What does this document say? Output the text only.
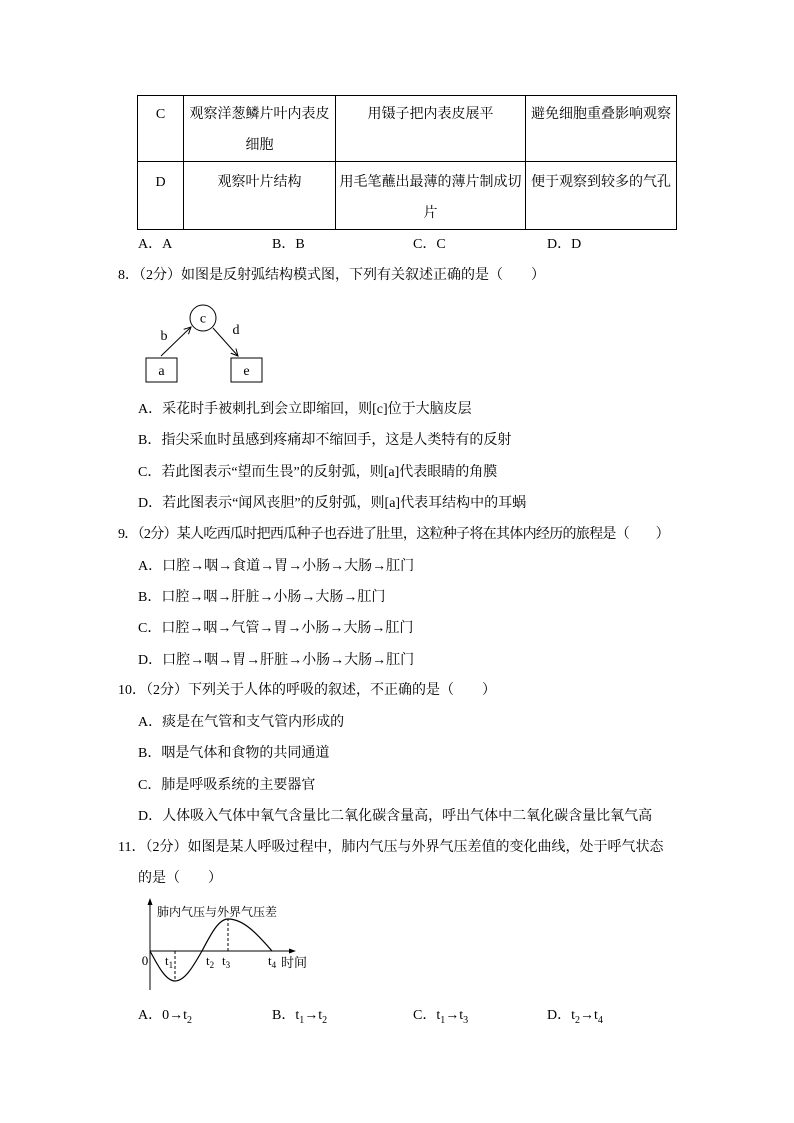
C	观察洋葱鳞片叶内表皮细胞	用镊子把内表皮展平	避免细胞重叠影响观察
D	观察叶片结构	用毛笔蘸出最薄的薄片制成切片	便于观察到较多的气孔
A．A	B．B	C．C	D．D
8．（2分）如图是反射弧结构模式图，下列有关叙述正确的是（　　）
c
a	e
b	d
A．采花时手被刺扎到会立即缩回，则[c]位于大脑皮层
B．指尖采血时虽感到疼痛却不缩回手，这是人类特有的反射
C．若此图表示“望而生畏”的反射弧，则[a]代表眼睛的角膜
D．若此图表示“闻风丧胆”的反射弧，则[a]代表耳结构中的耳蜗
9．（2分）某人吃西瓜时把西瓜种子也吞进了肚里，这粒种子将在其体内经历的旅程是（　　）
A．口腔→咽→食道→胃→小肠→大肠→肛门
B．口腔→咽→肝脏→小肠→大肠→肛门
C．口腔→咽→气管→胃→小肠→大肠→肛门
D．口腔→咽→胃→肝脏→小肠→大肠→肛门
10．（2分）下列关于人体的呼吸的叙述，不正确的是（　　）
A．痰是在气管和支气管内形成的
B．咽是气体和食物的共同通道
C．肺是呼吸系统的主要器官
D．人体吸入气体中氧气含量比二氧化碳含量高，呼出气体中二氧化碳含量比氧气高
11．（2分）如图是某人呼吸过程中，肺内气压与外界气压差值的变化曲线，处于呼气状态
的是（　　）
肺内气压与外界气压差
0 $t_1$	$t_2$ $t_3$	$t_4$ 时间
A．$0\to t_2$	B．$t_1\to t_2$	C．$t_1\to t_3$	D．$t_2\to t_4$
